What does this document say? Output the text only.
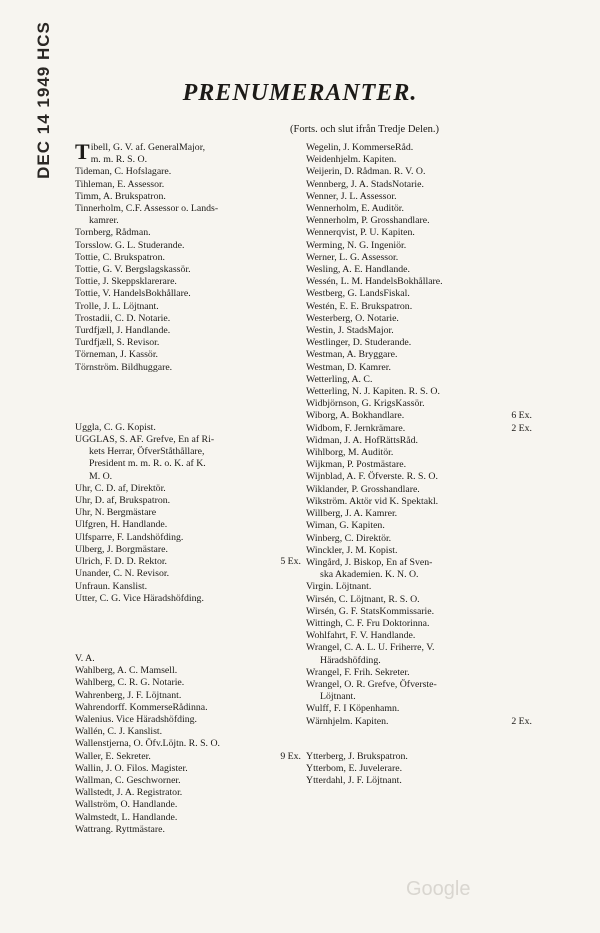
DEC 14 1949 HCS	PRENUMERANTER.
(Forts. och slut ifrån Tredje Delen.)
Tibell, G. V. af. GeneralMajor,
m. m. R. S. O.
Tideman, C. Hofslagare.
Tihleman, E. Assessor.
Timm, A. Brukspatron.
Tinnerholm, C.F. Assessor o. Lands-
kamrer.
Tornberg, Rådman.
Torsslow. G. L. Studerande.
Tottie, C. Brukspatron.
Tottie, G. V. Bergslagskassör.
Tottie, J. Skeppsklarerare.
Tottie, V. HandelsBokhållare.
Trolle, J. L. Löjtnant.
Trostadii, C. D. Notarie.
Turdfjæll, J. Handlande.
Turdfjæll, S. Revisor.
Törneman, J. Kassör.
Törnström. Bildhuggare.
Uggla, C. G. Kopist.
UGGLAS, S. AF. Grefve, En af Ri-
kets Herrar, ÖfverStåthållare,
President m. m. R. o. K. af K.
M. O.
Uhr, C. D. af, Direktör.
Uhr, D. af, Brukspatron.
Uhr, N. Bergmästare
Ulfgren, H. Handlande.
Ulfsparre, F. Landshöfding.
Ulberg, J. Borgmästare.
5 Ex.
Ulrich, F. D. D. Rektor.
Unander, C. N. Revisor.
Unfraun. Kanslist.
Utter, C. G. Vice Häradshöfding.
V. A.
Wahlberg, A. C. Mamsell.
Wahlberg, C. R. G. Notarie.
Wahrenberg, J. F. Löjtnant.
Wahrendorff. KommerseRådinna.
Walenius. Vice Häradshöfding.
Wallén, C. J. Kanslist.
Wallenstjerna, O. Öfv.Löjtn. R. S. O.
9 Ex.
Waller, E. Sekreter.
Wallin, J. O. Filos. Magister.
Wallman, C. Geschworner.
Wallstedt, J. A. Registrator.
Wallström, O. Handlande.
Walmstedt, L. Handlande.
Wattrang. Ryttmästare.
Wegelin, J. KommerseRåd.
Weidenhjelm. Kapiten.
Weijerin, D. Rådman. R. V. O.
Wennberg, J. A. StadsNotarie.
Wenner, J. L. Assessor.
Wennerholm, E. Auditör.
Wennerholm, P. Grosshandlare.
Wennerqvist, P. U. Kapiten.
Werming, N. G. Ingeniör.
Werner, L. G. Assessor.
Wesling, A. E. Handlande.
Wessén, L. M. HandelsBokhållare.
Westberg, G. LandsFiskal.
Westén, E. E. Brukspatron.
Westerberg, O. Notarie.
Westin, J. StadsMajor.
Westlinger, D. Studerande.
Westman, A. Bryggare.
Westman, D. Kamrer.
Wetterling, A. C.
Wetterling, N. J. Kapiten. R. S. O.
Widbjörnson, G. KrigsKassör.
6 Ex.
Wiborg, A. Bokhandlare.
2 Ex.
Widbom, F. Jernkrämare.
Widman, J. A. HofRättsRåd.
Wihlborg, M. Auditör.
Wijkman, P. Postmästare.
Wijnblad, A. F. Öfverste. R. S. O.
Wiklander, P. Grosshandlare.
Wikström. Aktör vid K. Spektakl.
Willberg, J. A. Kamrer.
Wiman, G. Kapiten.
Winberg, C. Direktör.
Winckler, J. M. Kopist.
Wingård, J. Biskop, En af Sven-
ska Akademien. K. N. O.
Virgin. Löjtnant.
Wirsén, C. Löjtnant, R. S. O.
Wirsén, G. F. StatsKommissarie.
Wittingh, C. F. Fru Doktorinna.
Wohlfahrt, F. V. Handlande.
Wrangel, C. A. L. U. Friherre, V.
Häradshöfding.
Wrangel, F. Frih. Sekreter.
Wrangel, O. R. Grefve, Öfverste-
Löjtnant.
Wulff, F. I Köpenhamn.
2 Ex.
Wärnhjelm. Kapiten.
Ytterberg, J. Brukspatron.
Ytterbom, E. Juvelerare.
Ytterdahl, J. F. Löjtnant.
Google
